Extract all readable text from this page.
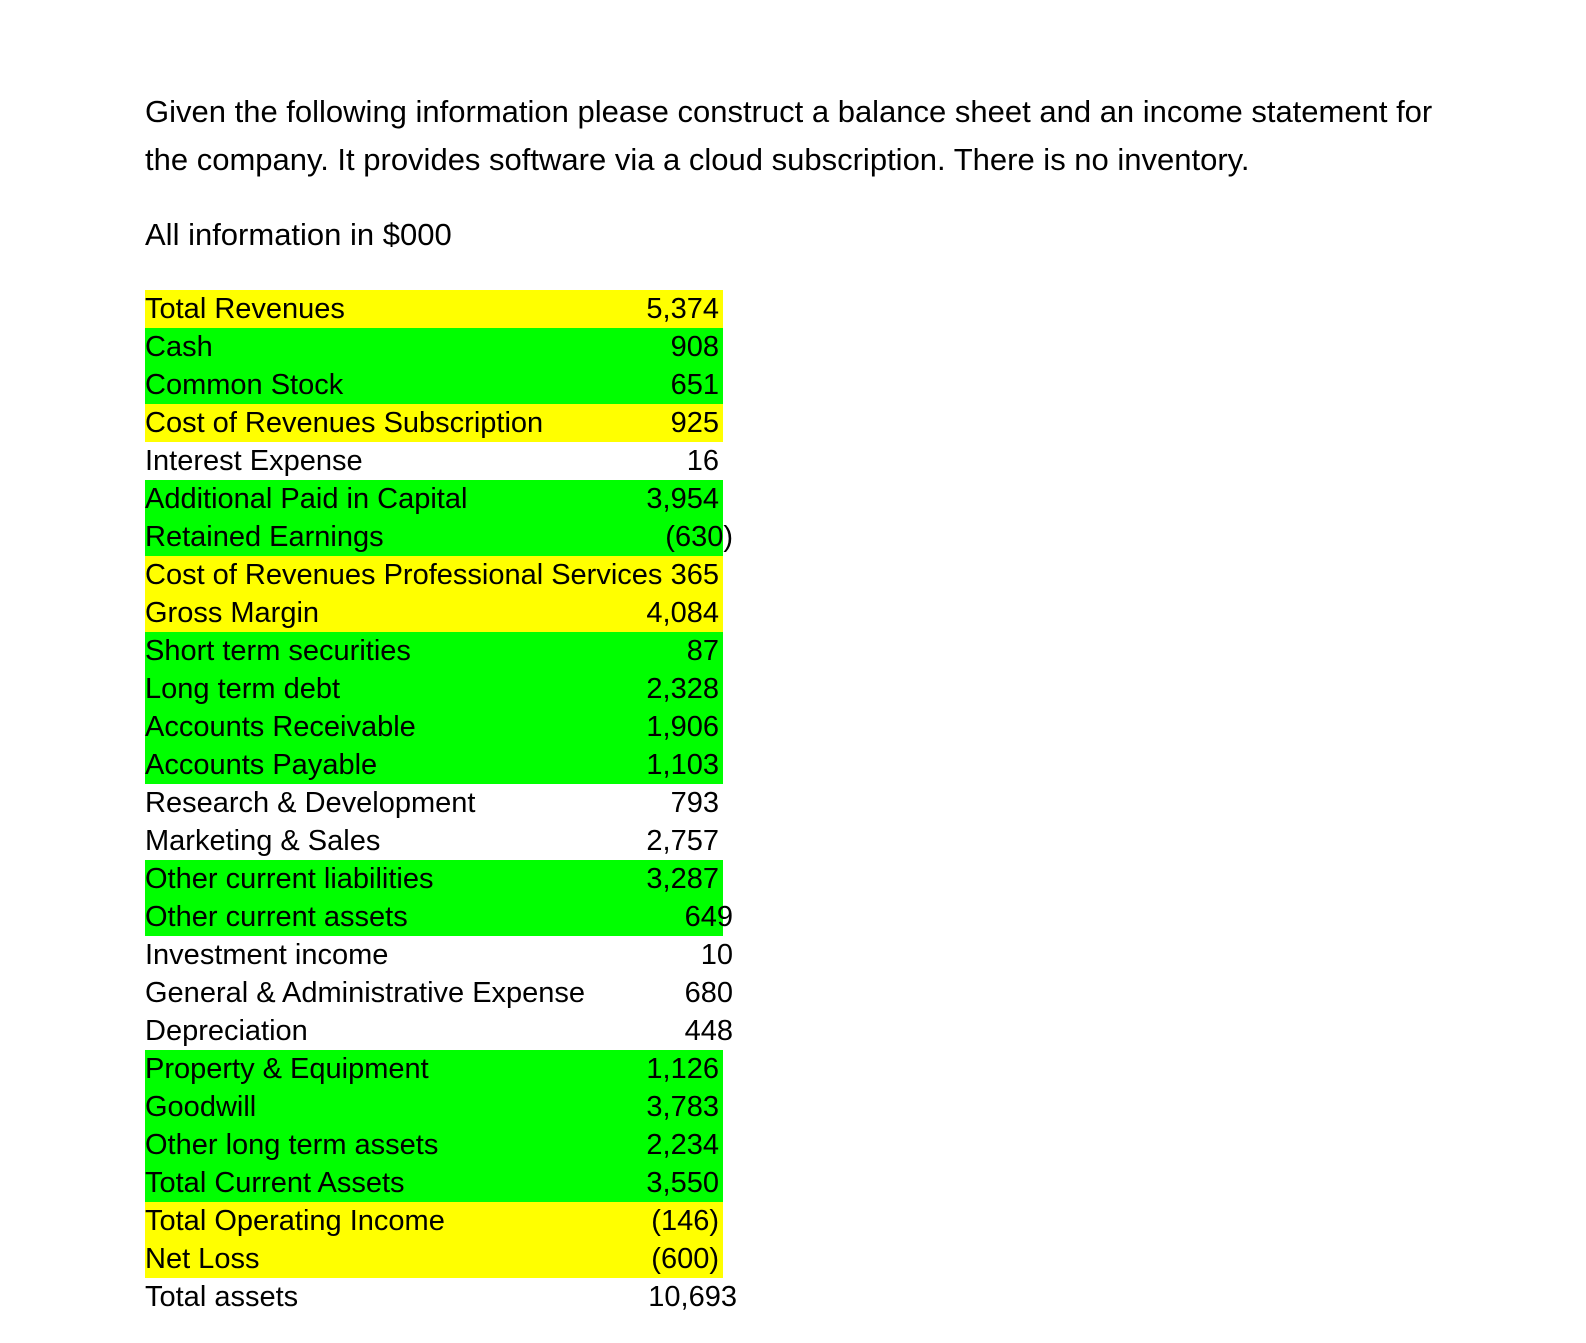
Given the following information please construct a balance sheet and an income statement for the company. It provides software via a cloud subscription. There is no inventory.

All information in $000

Total Revenues	5,374
Cash	908
Common Stock	651
Cost of Revenues Subscription	925
Interest Expense	16
Additional Paid in Capital	3,954
Retained Earnings	(630)
Cost of Revenues Professional Services 365
Gross Margin	4,084
Short term securities	87
Long term debt	2,328
Accounts Receivable	1,906
Accounts Payable	1,103
Research & Development	793
Marketing & Sales	2,757
Other current liabilities	3,287
Other current assets	649
Investment income	10
General & Administrative Expense	680
Depreciation	448
Property & Equipment	1,126
Goodwill	3,783
Other long term assets	2,234
Total Current Assets	3,550
Total Operating Income	(146)
Net Loss	(600)
Total assets	10,693
